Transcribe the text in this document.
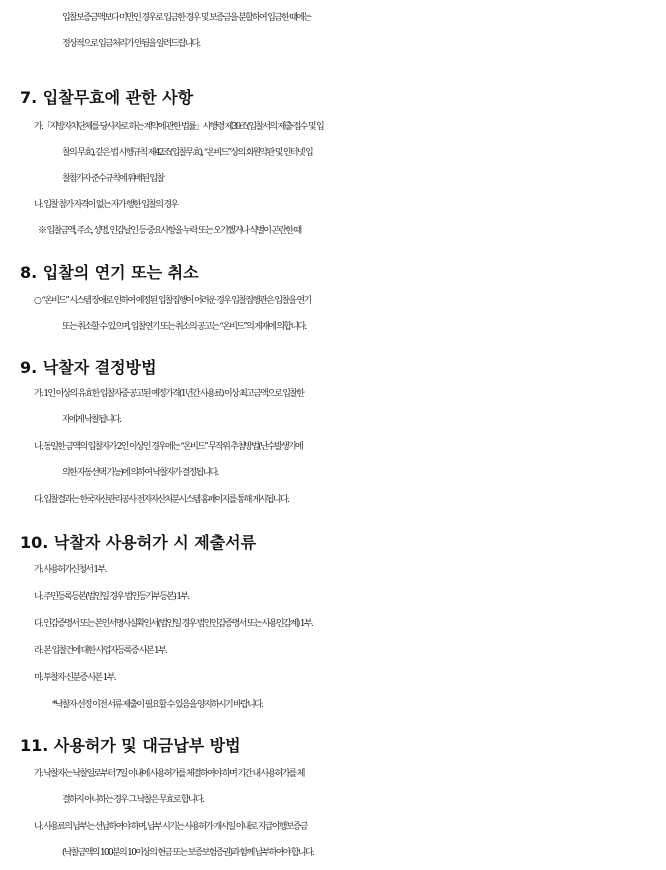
입찰보증금액보다 미만인 경우로 입금한 경우 및 보증금을 분할하여 입금한 때에는
정상적으로 입금처리가 안됨을 알려드립니다.
7. 입찰무효에 관한 사항
가.「지방자치단체를 당사자로 하는 계약에 관한 법률」시행령 제39조(입찰서의 제출·접수 및 입
찰의 무효), 같은 법 시행규칙 제42조(입찰무효), “온비드”상의 회원약관 및 인터넷 입
찰참가자 준수규칙에 위배된 입찰
나. 입찰 참가 자격이 없는 자가 행한 입찰의 경우
※ 입찰금액, 주소, 성명, 인감날인 등 중요사항을 누락 또는 오기했거나 식별이 곤란한 때
8. 입찰의 연기 또는 취소
○ “온비드” 시스템 장애로 인하여 예정된 입찰집행이 어려운 경우 입찰집행관은 입찰을 연기
또는 취소할 수 있으며, 입찰연기 또는 취소의 공고는 “온비드”의 게재에 의합니다.
9. 낙찰자 결정방법
가. 1인 이상의 유효한 입찰자중 공고된 예정가격(1년간 사용료) 이상 최고금액으로 입찰한
자에게 낙찰됩니다.
나. 동일한 금액의 입찰자가 2인 이상인 경우에는 “온비드” 무작위 추첨방법(난수발생기에
의한 자동선택 기능)에 의하여 낙찰자가 결정됩니다.
다. 입찰결과는 한국자산관리공사 전자자산처분시스템 홈페이지를 통해 게시됩니다.
10. 낙찰자 사용허가 시 제출서류
가. 사용허가신청서 1부.
나. 주민등록등본(법인일 경우 법인등기부등본) 1부.
다. 인감증명서 또는 본인서명사실확인서(법인일 경우 법인인감증명서 또는 사용인감계) 1부.
라. 본 입찰건에 대한 사업자등록증 사본 1부.
마. 투찰자 신분증 사본 1부.
*낙찰자 선정 이전 서류 제출이 필요할 수 있음을 양지하시기 바랍니다.
11. 사용허가 및 대금납부 방법
가. 낙찰자는 낙찰일로부터 7일 이내에 사용허가를 체결하여야 하며 기간 내 사용허가를 체
결하지 아니하는 경우 그 낙찰은 무효로 합니다.
나. 사용료의 납부는 선납하여야 하며, 납부 시기는 사용허가 개시일 이내로 지급이행보증금
(낙찰금액의 100분의 10이상의 현금 또는 보증보험증권)과 함께 납부하여야 합니다.
